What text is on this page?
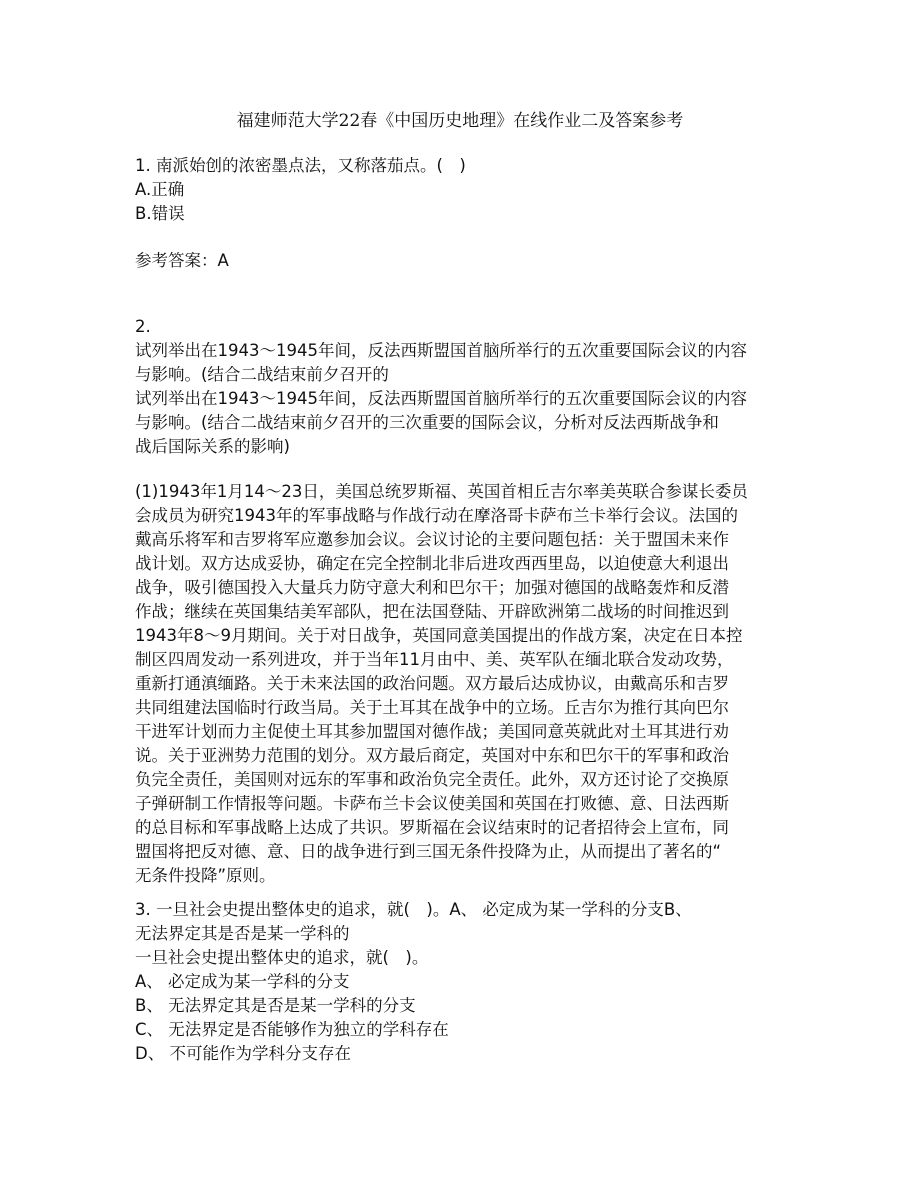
福建师范大学22春《中国历史地理》在线作业二及答案参考
1. 南派始创的浓密墨点法，又称落茄点。(　)
A.正确
B.错误
参考答案：A
2.
试列举出在1943～1945年间，反法西斯盟国首脑所举行的五次重要国际会议的内容
与影响。(结合二战结束前夕召开的
试列举出在1943～1945年间，反法西斯盟国首脑所举行的五次重要国际会议的内容
与影响。(结合二战结束前夕召开的三次重要的国际会议，分析对反法西斯战争和
战后国际关系的影响)
(1)1943年1月14～23日，美国总统罗斯福、英国首相丘吉尔率美英联合参谋长委员
会成员为研究1943年的军事战略与作战行动在摩洛哥卡萨布兰卡举行会议。法国的
戴高乐将军和吉罗将军应邀参加会议。会议讨论的主要问题包括：关于盟国未来作
战计划。双方达成妥协，确定在完全控制北非后进攻西西里岛，以迫使意大利退出
战争，吸引德国投入大量兵力防守意大利和巴尔干；加强对德国的战略轰炸和反潜
作战；继续在英国集结美军部队，把在法国登陆、开辟欧洲第二战场的时间推迟到
1943年8～9月期间。关于对日战争，英国同意美国提出的作战方案，决定在日本控
制区四周发动一系列进攻，并于当年11月由中、美、英军队在缅北联合发动攻势，
重新打通滇缅路。关于未来法国的政治问题。双方最后达成协议，由戴高乐和吉罗
共同组建法国临时行政当局。关于土耳其在战争中的立场。丘吉尔为推行其向巴尔
干进军计划而力主促使土耳其参加盟国对德作战；美国同意英就此对土耳其进行劝
说。关于亚洲势力范围的划分。双方最后商定，英国对中东和巴尔干的军事和政治
负完全责任，美国则对远东的军事和政治负完全责任。此外，双方还讨论了交换原
子弹研制工作情报等问题。卡萨布兰卡会议使美国和英国在打败德、意、日法西斯
的总目标和军事战略上达成了共识。罗斯福在会议结束时的记者招待会上宣布，同
盟国将把反对德、意、日的战争进行到三国无条件投降为止，从而提出了著名的“
无条件投降”原则。
3. 一旦社会史提出整体史的追求，就(　)。A、 必定成为某一学科的分支B、
无法界定其是否是某一学科的
一旦社会史提出整体史的追求，就(　)。
A、 必定成为某一学科的分支
B、 无法界定其是否是某一学科的分支
C、 无法界定是否能够作为独立的学科存在
D、 不可能作为学科分支存在
